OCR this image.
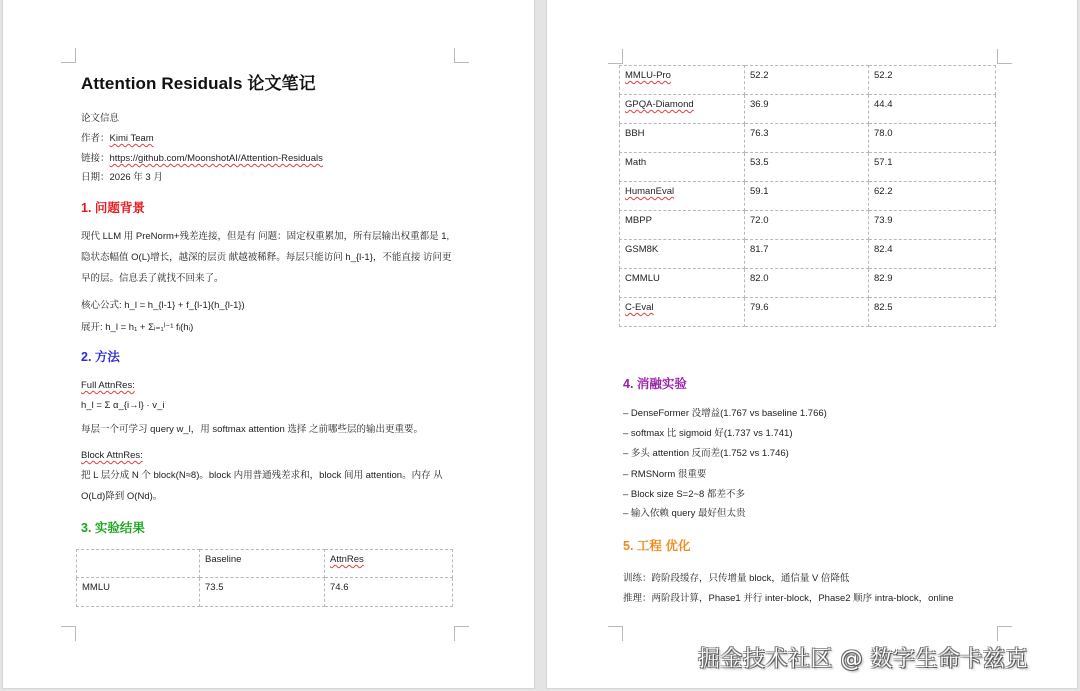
Attention Residuals 论文笔记
论文信息
作者：Kimi Team
链接：https://github.com/MoonshotAI/Attention-Residuals
日期：2026 年 3 月
1. 问题背景
现代 LLM 用 PreNorm+残差连接，但是有 问题：固定权重累加，所有层输出权重都是 1,
隐状态幅值 O(L)增长，越深的层贡 献越被稀释。每层只能访问 h_{l-1}，不能直接 访问更
早的层。信息丢了就找不回来了。
核心公式: h_l = h_{l-1} + f_{l-1}(h_{l-1})
展开: h_l = h₁ + Σᵢ₌₁ˡ⁻¹ fᵢ(hᵢ)
2. 方法
Full AttnRes:
h_l = Σ α_{i→l} · v_i
每层一个可学习 query w_l，用 softmax attention 选择 之前哪些层的输出更重要。
Block AttnRes:
把 L 层分成 N 个 block(N≈8)。block 内用普通残差求和，block 间用 attention。内存 从
O(Ld)降到 O(Nd)。
3. 实验结果
	Baseline	AttnRes
MMLU	73.5	74.6
MMLU-Pro	52.2	52.2
GPQA-Diamond	36.9	44.4
BBH	76.3	78.0
Math	53.5	57.1
HumanEval	59.1	62.2
MBPP	72.0	73.9
GSM8K	81.7	82.4
CMMLU	82.0	82.9
C-Eval	79.6	82.5
4. 消融实验
– DenseFormer 没增益(1.767 vs baseline 1.766)
– softmax 比 sigmoid 好(1.737 vs 1.741)
– 多头 attention 反而差(1.752 vs 1.746)
– RMSNorm 很重要
– Block size S=2~8 都差不多
– 输入依赖 query 最好但太贵
5. 工程 优化
训练：跨阶段缓存，只传增量 block，通信量 V 倍降低
推理：两阶段计算，Phase1 并行 inter-block，Phase2 顺序 intra-block，online
掘金技术社区 @ 数字生命卡兹克
